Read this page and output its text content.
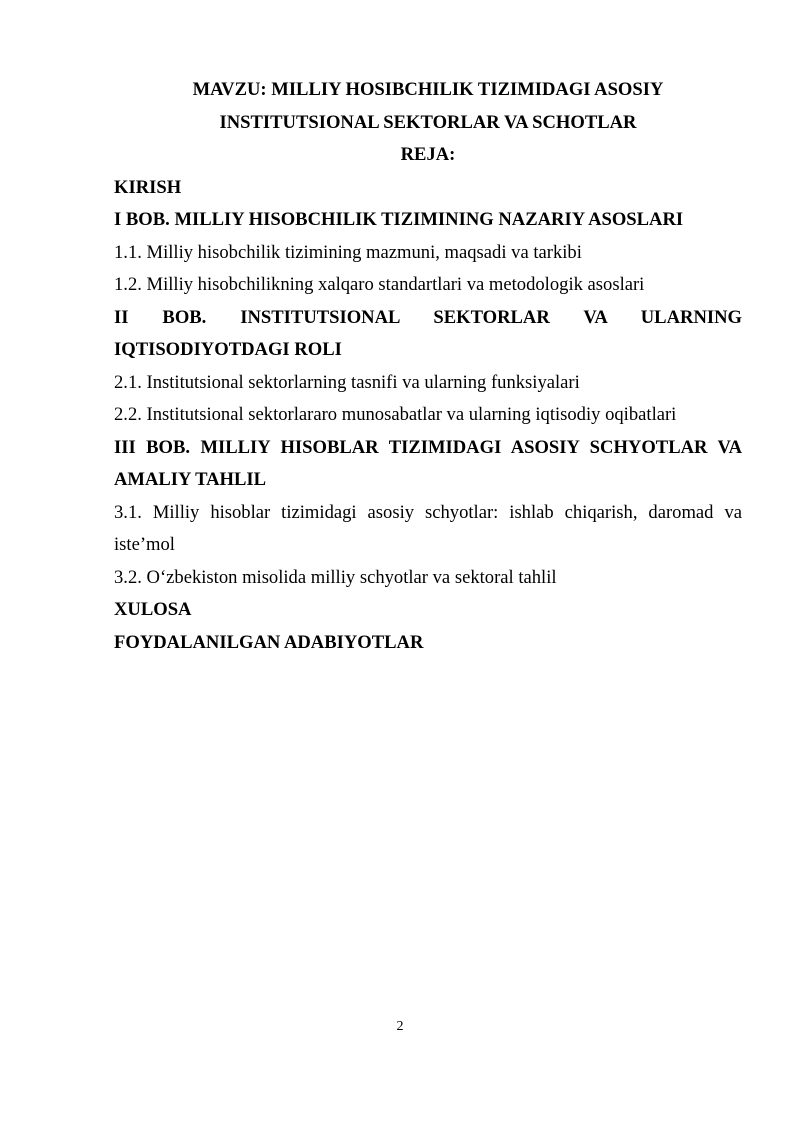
MAVZU: MILLIY HOSIBCHILIK TIZIMIDAGI ASOSIY

INSTITUTSIONAL SEKTORLAR VA SCHOTLAR

REJA:

KIRISH

I BOB. MILLIY HISOBCHILIK TIZIMINING NAZARIY ASOSLARI

1.1. Milliy hisobchilik tizimining mazmuni, maqsadi va tarkibi

1.2. Milliy hisobchilikning xalqaro standartlari va metodologik asoslari

II BOB. INSTITUTSIONAL SEKTORLAR VA ULARNING

IQTISODIYOTDAGI ROLI

2.1. Institutsional sektorlarning tasnifi va ularning funksiyalari

2.2. Institutsional sektorlararo munosabatlar va ularning iqtisodiy oqibatlari

III BOB. MILLIY HISOBLAR TIZIMIDAGI ASOSIY SCHYOTLAR VA

AMALIY TAHLIL

3.1. Milliy hisoblar tizimidagi asosiy schyotlar: ishlab chiqarish, daromad va

iste’mol

3.2. O‘zbekiston misolida milliy schyotlar va sektoral tahlil

XULOSA

FOYDALANILGAN ADABIYOTLAR

2
